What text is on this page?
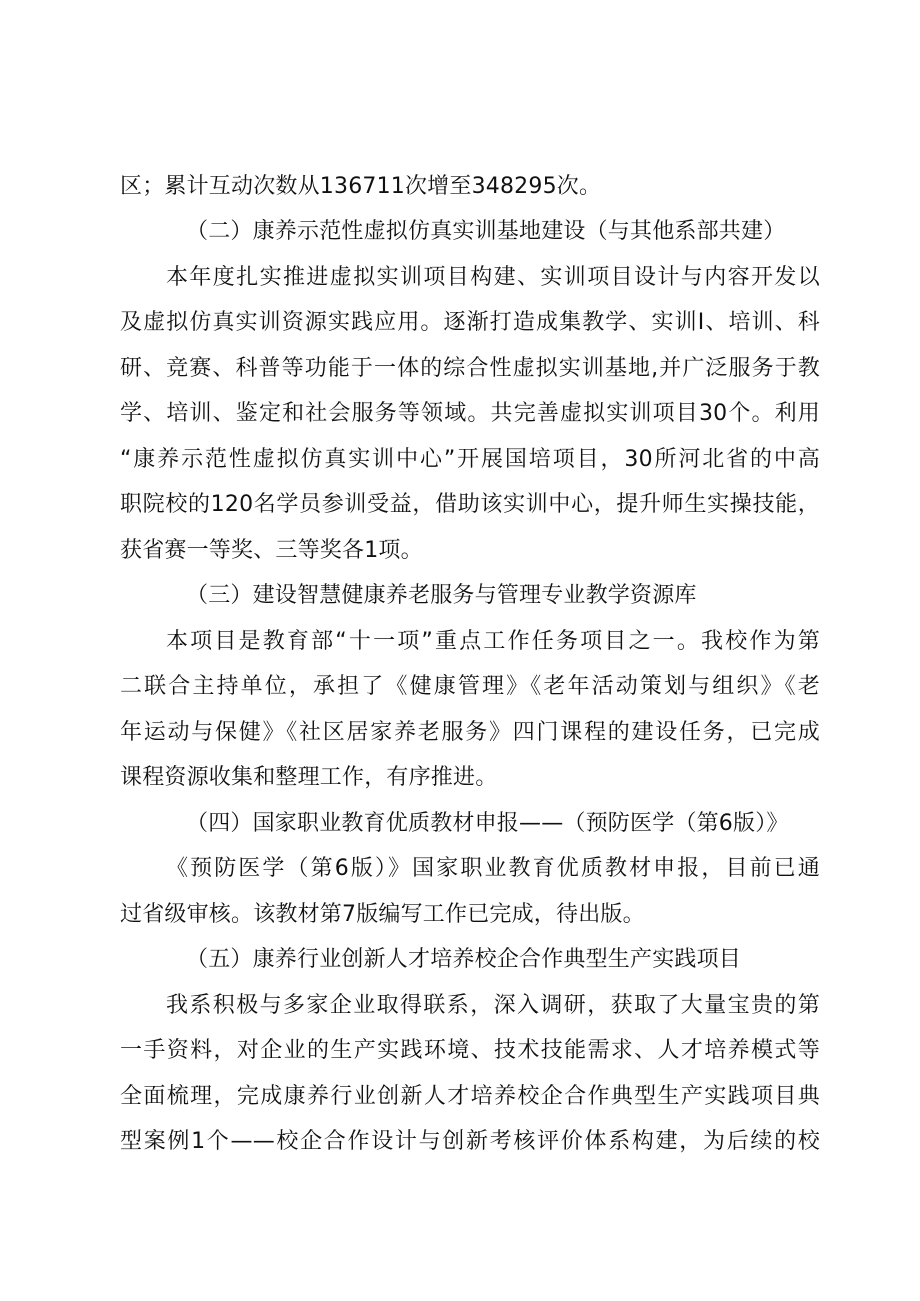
区；累计互动次数从136711次增至348295次。
（二）康养示范性虚拟仿真实训基地建设（与其他系部共建）
本年度扎实推进虚拟实训项目构建、实训项目设计与内容开发以
及虚拟仿真实训资源实践应用。逐渐打造成集教学、实训I、培训、科
研、竞赛、科普等功能于一体的综合性虚拟实训基地,并广泛服务于教
学、培训、鉴定和社会服务等领域。共完善虚拟实训项目30个。利用
“康养示范性虚拟仿真实训中心”开展国培项目，30所河北省的中高
职院校的120名学员参训受益，借助该实训中心，提升师生实操技能，
获省赛一等奖、三等奖各1项。
（三）建设智慧健康养老服务与管理专业教学资源库
本项目是教育部“十一项”重点工作任务项目之一。我校作为第
二联合主持单位，承担了《健康管理》《老年活动策划与组织》《老
年运动与保健》《社区居家养老服务》四门课程的建设任务，已完成
课程资源收集和整理工作，有序推进。
（四）国家职业教育优质教材申报——（预防医学（第6版）》
《预防医学（第6版）》国家职业教育优质教材申报，目前已通
过省级审核。该教材第7版编写工作已完成，待出版。
（五）康养行业创新人才培养校企合作典型生产实践项目
我系积极与多家企业取得联系，深入调研，获取了大量宝贵的第
一手资料，对企业的生产实践环境、技术技能需求、人才培养模式等
全面梳理，完成康养行业创新人才培养校企合作典型生产实践项目典
型案例1个——校企合作设计与创新考核评价体系构建，为后续的校
